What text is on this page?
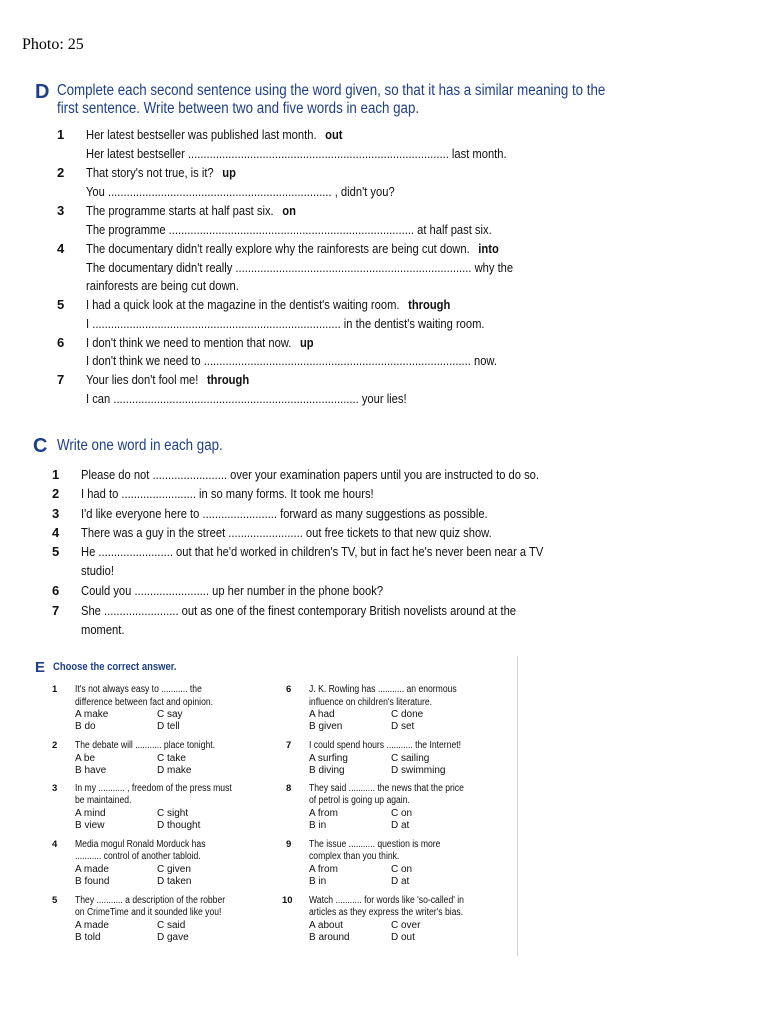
Photo: 25
D Complete each second sentence using the word given, so that it has a similar meaning to the
first sentence. Write between two and five words in each gap.
1 Her latest bestseller was published last month. out
Her latest bestseller .................................................................................... last month.
2 That story's not true, is it? up
You ........................................................................ , didn't you?
3 The programme starts at half past six. on
The programme ............................................................................... at half past six.
4 The documentary didn't really explore why the rainforests are being cut down. into
The documentary didn't really ............................................................................ why the
rainforests are being cut down.
5 I had a quick look at the magazine in the dentist's waiting room. through
I ................................................................................ in the dentist's waiting room.
6 I don't think we need to mention that now. up
I don't think we need to ...................................................................................... now.
7 Your lies don't fool me! through
I can ............................................................................... your lies!
C Write one word in each gap.
1 Please do not ........................ over your examination papers until you are instructed to do so.
2 I had to ........................ in so many forms. It took me hours!
3 I'd like everyone here to ........................ forward as many suggestions as possible.
4 There was a guy in the street ........................ out free tickets to that new quiz show.
5 He ........................ out that he'd worked in children's TV, but in fact he's never been near a TV
studio!
6 Could you ........................ up her number in the phone book?
7 She ........................ out as one of the finest contemporary British novelists around at the
moment.
E Choose the correct answer.
1 It's not always easy to ........... the
difference between fact and opinion.
A make	C say
B do	D tell
2 The debate will ........... place tonight.
A be	C take
B have	D make
3 In my ........... , freedom of the press must
be maintained.
A mind	C sight
B view	D thought
4 Media mogul Ronald Morduck has
........... control of another tabloid.
A made	C given
B found	D taken
5 They ........... a description of the robber
on CrimeTime and it sounded like you!
A made	C said
B told	D gave
6 J. K. Rowling has ........... an enormous
influence on children's literature.
A had	C done
B given	D set
7 I could spend hours ........... the Internet!
A surfing	C sailing
B diving	D swimming
8 They said ........... the news that the price
of petrol is going up again.
A from	C on
B in	D at
9 The issue ........... question is more
complex than you think.
A from	C on
B in	D at
10 Watch ........... for words like 'so-called' in
articles as they express the writer's bias.
A about	C over
B around	D out
